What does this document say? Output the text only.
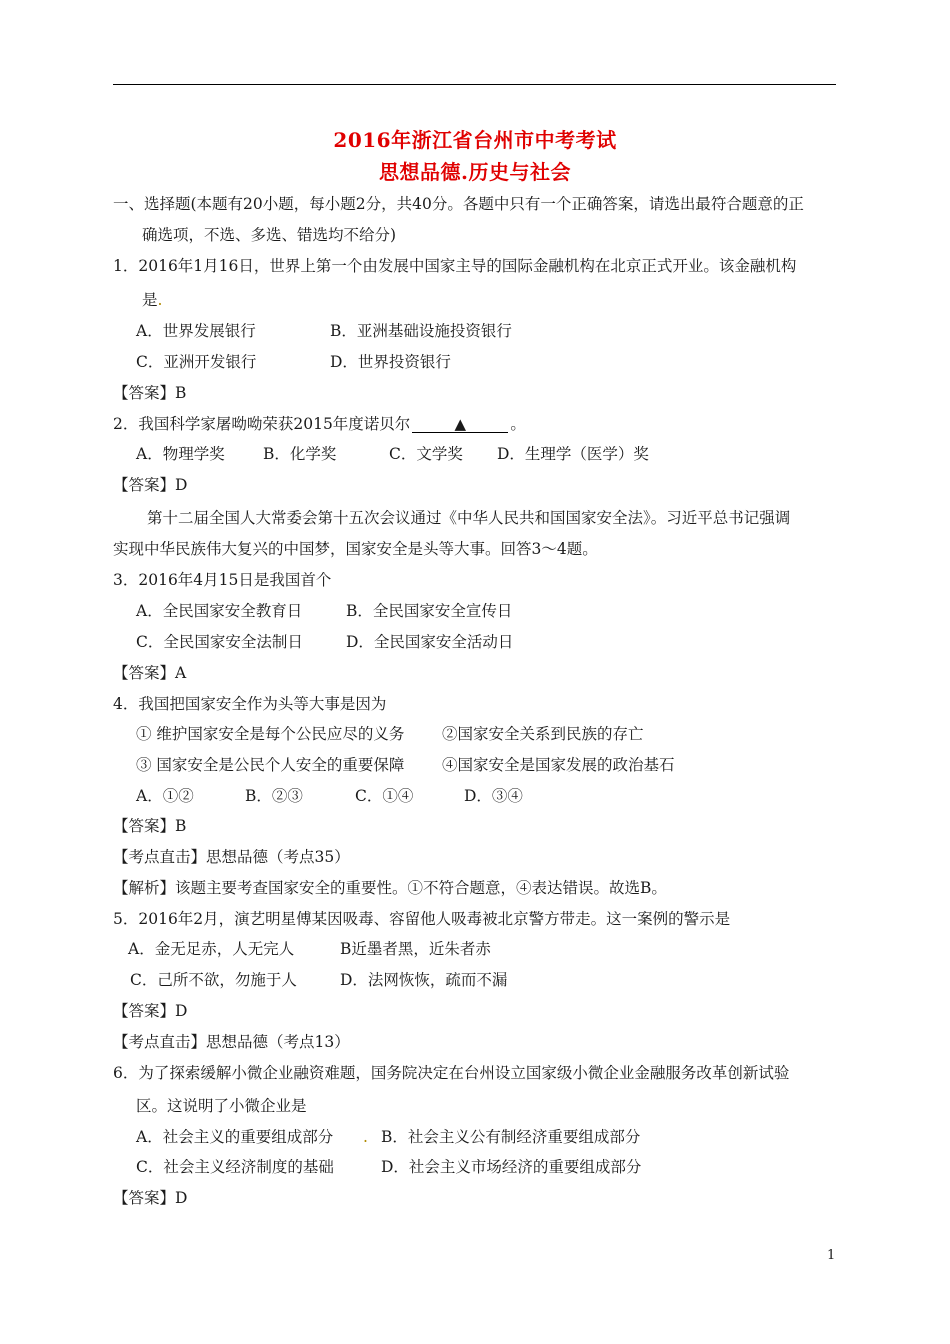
2016年浙江省台州市中考考试
思想品德.历史与社会
一、选择题(本题有20小题，每小题2分，共40分。各题中只有一个正确答案，请选出最符合题意的正
确选项，不选、多选、错选均不给分)
1．2016年1月16日，世界上第一个由发展中国家主导的国际金融机构在北京正式开业。该金融机构
是.
A．世界发展银行	B．亚洲基础设施投资银行
C．亚洲开发银行	D．世界投资银行
【答案】B
2．我国科学家屠呦呦荣获2015年度诺贝尔	▲	。
A．物理学奖 B．化学奖	C．文学奖 D．生理学（医学）奖
【答案】D
第十二届全国人大常委会第十五次会议通过《中华人民共和国国家安全法》。习近平总书记强调
实现中华民族伟大复兴的中国梦，国家安全是头等大事。回答3～4题。
3．2016年4月15日是我国首个
A．全民国家安全教育日	B．全民国家安全宣传日
C．全民国家安全法制日	D．全民国家安全活动日
【答案】A
4．我国把国家安全作为头等大事是因为
① 维护国家安全是每个公民应尽的义务 ②国家安全关系到民族的存亡
③ 国家安全是公民个人安全的重要保障 ④国家安全是国家发展的政治基石
A．①②	B．②③	C．①④	D．③④
【答案】B
【考点直击】思想品德（考点35）
【解析】该题主要考查国家安全的重要性。①不符合题意，④表达错误。故选B。
5．2016年2月，演艺明星傅某因吸毒、容留他人吸毒被北京警方带走。这一案例的警示是
A．金无足赤，人无完人	B近墨者黑，近朱者赤
C．己所不欲，勿施于人	D．法网恢恢，疏而不漏
【答案】D
【考点直击】思想品德（考点13）
6．为了探索缓解小微企业融资难题，国务院决定在台州设立国家级小微企业金融服务改革创新试验
区。这说明了小微企业是
A．社会主义的重要组成部分 . B．社会主义公有制经济重要组成部分
C．社会主义经济制度的基础	D．社会主义市场经济的重要组成部分
【答案】D
1
